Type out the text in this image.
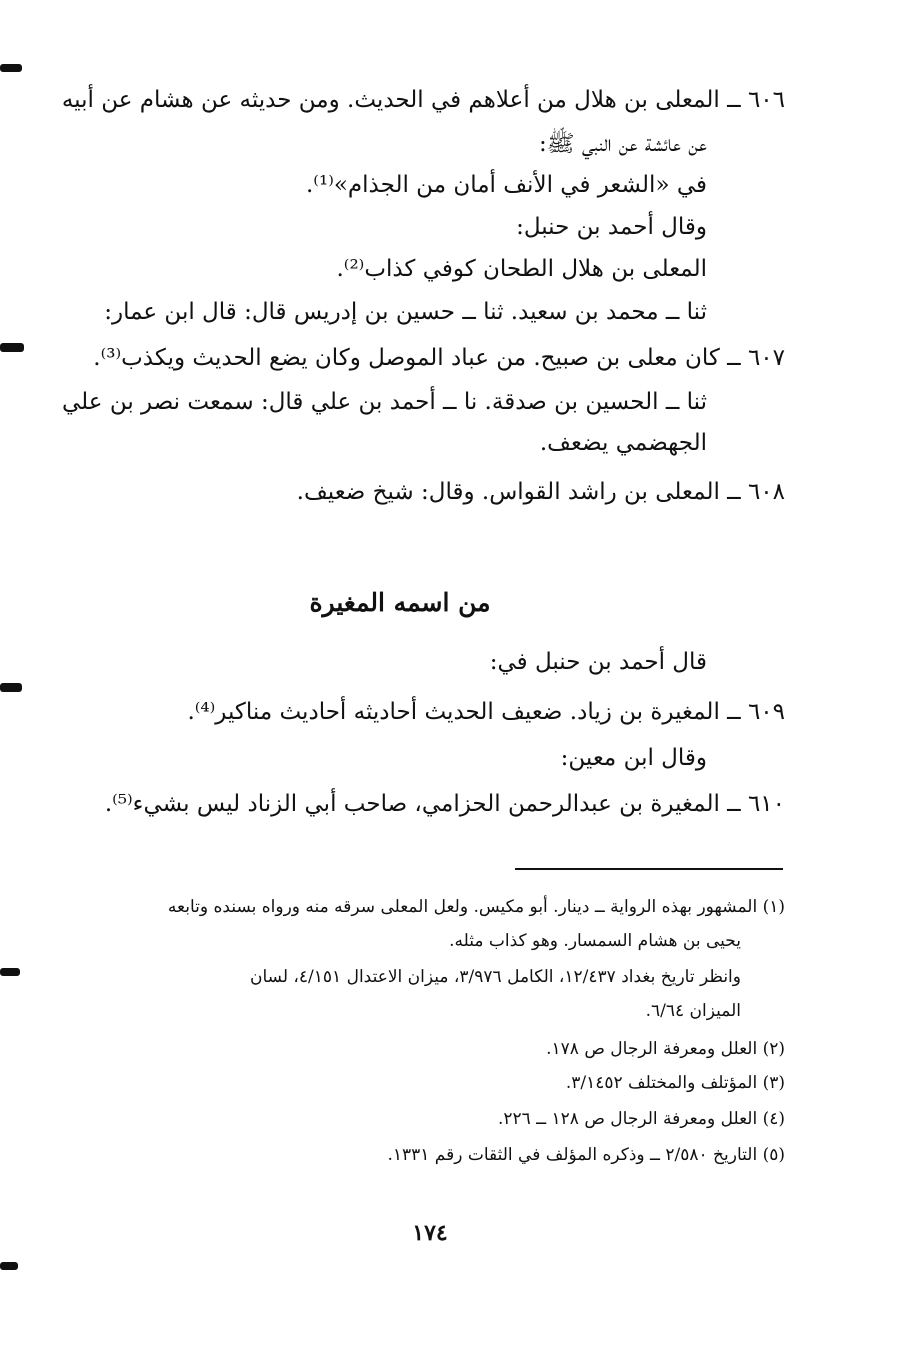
٦٠٦ ــ المعلى بن هلال من أعلاهم في الحديث. ومن حديثه عن هشام عن أبيه
عن عائشة عن النبي ﷺ:
في «الشعر في الأنف أمان من الجذام»⁽¹⁾.
وقال أحمد بن حنبل:
المعلى بن هلال الطحان كوفي كذاب⁽²⁾.
ثنا ــ محمد بن سعيد. ثنا ــ حسين بن إدريس قال: قال ابن عمار:
٦٠٧ ــ كان معلى بن صبيح. من عباد الموصل وكان يضع الحديث ويكذب⁽³⁾.
ثنا ــ الحسين بن صدقة. نا ــ أحمد بن علي قال: سمعت نصر بن علي
الجهضمي يضعف.
٦٠٨ ــ المعلى بن راشد القواس. وقال: شيخ ضعيف.
من اسمه المغيرة
قال أحمد بن حنبل في:
٦٠٩ ــ المغيرة بن زياد. ضعيف الحديث أحاديثه أحاديث مناكير⁽⁴⁾.
وقال ابن معين:
٦١٠ ــ المغيرة بن عبدالرحمن الحزامي، صاحب أبي الزناد ليس بشيء⁽⁵⁾.
(١) المشهور بهذه الرواية ــ دينار. أبو مكيس. ولعل المعلى سرقه منه ورواه بسنده وتابعه
يحيى بن هشام السمسار. وهو كذاب مثله.
وانظر تاريخ بغداد ١٢/٤٣٧، الكامل ٣/٩٧٦، ميزان الاعتدال ٤/١٥١، لسان
الميزان ٦/٦٤.
(٢) العلل ومعرفة الرجال ص ١٧٨.
(٣) المؤتلف والمختلف ٣/١٤٥٢.
(٤) العلل ومعرفة الرجال ص ١٢٨ ــ ٢٢٦.
(٥) التاريخ ٢/٥٨٠ ــ وذكره المؤلف في الثقات رقم ١٣٣١.
١٧٤
